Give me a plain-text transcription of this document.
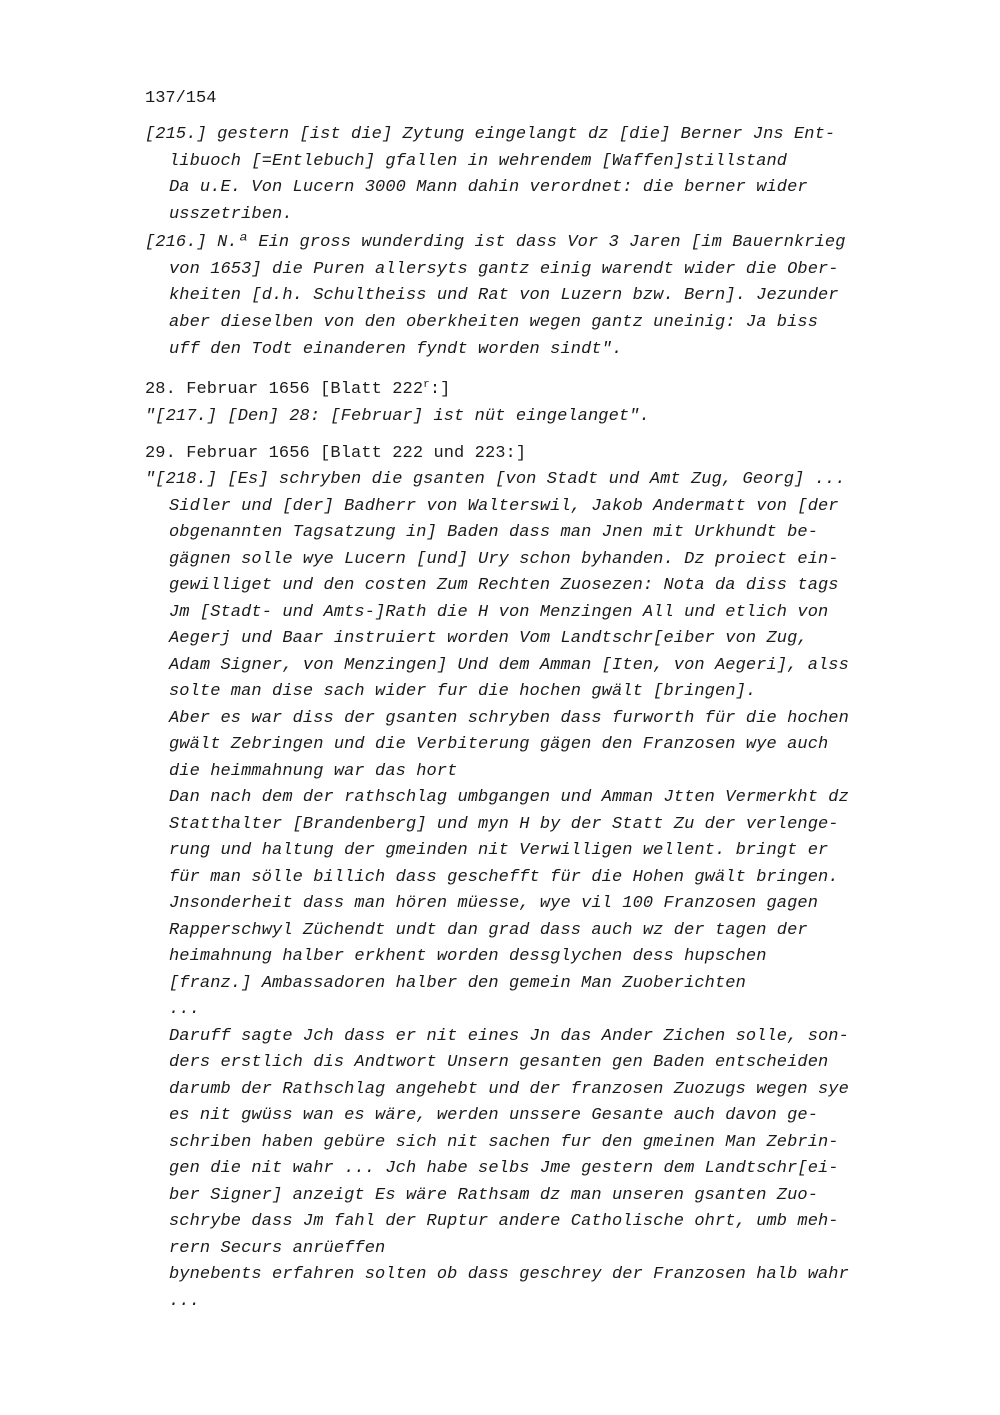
137/154
[215.] gestern [ist die] Zytung eingelangt dz [die] Berner Jns Ent-
libuoch [=Entlebuch] gfallen in wehrendem [Waffen]stillstand
Da u.E. Von Lucern 3000 Mann dahin verordnet: die berner wider
usszetriben.
[216.] N.ª Ein gross wunderding ist dass Vor 3 Jaren [im Bauernkrieg
von 1653] die Puren allersyts gantz einig warendt wider die Ober-
kheiten [d.h. Schultheiss und Rat von Luzern bzw. Bern]. Jezunder
aber dieselben von den oberkheiten wegen gantz uneinig: Ja biss
uff den Todt einanderen fyndt worden sindt".
28. Februar 1656 [Blatt 222$^r$:]
"[217.] [Den] 28: [Februar] ist nüt eingelanget".
29. Februar 1656 [Blatt 222 und 223:]
"[218.] [Es] schryben die gsanten [von Stadt und Amt Zug, Georg] ...
Sidler und [der] Badherr von Walterswil, Jakob Andermatt von [der
obgenannten Tagsatzung in] Baden dass man Jnen mit Urkhundt be-
gägnen solle wye Lucern [und] Ury schon byhanden. Dz proiect ein-
gewilliget und den costen Zum Rechten Zuosezen: Nota da diss tags
Jm [Stadt- und Amts-]Rath die H von Menzingen All und etlich von
Aegerj und Baar instruiert worden Vom Landtschr[eiber von Zug,
Adam Signer, von Menzingen] Und dem Amman [Iten, von Aegeri], alss
solte man dise sach wider fur die hochen gwält [bringen].
Aber es war diss der gsanten schryben dass furworth für die hochen
gwält Zebringen und die Verbiterung gägen den Franzosen wye auch
die heimmahnung war das hort
Dan nach dem der rathschlag umbgangen und Amman Jtten Vermerkht dz
Statthalter [Brandenberg] und myn H by der Statt Zu der verlenge-
rung und haltung der gmeinden nit Verwilligen wellent. bringt er
für man sölle billich dass geschefft für die Hohen gwält bringen.
Jnsonderheit dass man hören müesse, wye vil 100 Franzosen gagen
Rapperschwyl Züchendt undt dan grad dass auch wz der tagen der
heimahnung halber erkhent worden dessglychen dess hupschen
[franz.] Ambassadoren halber den gemein Man Zuoberichten
...
Daruff sagte Jch dass er nit eines Jn das Ander Zichen solle, son-
ders erstlich dis Andtwort Unsern gesanten gen Baden entscheiden
darumb der Rathschlag angehebt und der franzosen Zuozugs wegen sye
es nit gwüss wan es wäre, werden unssere Gesante auch davon ge-
schriben haben gebüre sich nit sachen fur den gmeinen Man Zebrin-
gen die nit wahr ... Jch habe selbs Jme gestern dem Landtschr[ei-
ber Signer] anzeigt Es wäre Rathsam dz man unseren gsanten Zuo-
schrybe dass Jm fahl der Ruptur andere Catholische ohrt, umb meh-
rern Securs anrüeffen
bynebents erfahren solten ob dass geschrey der Franzosen halb wahr
...
